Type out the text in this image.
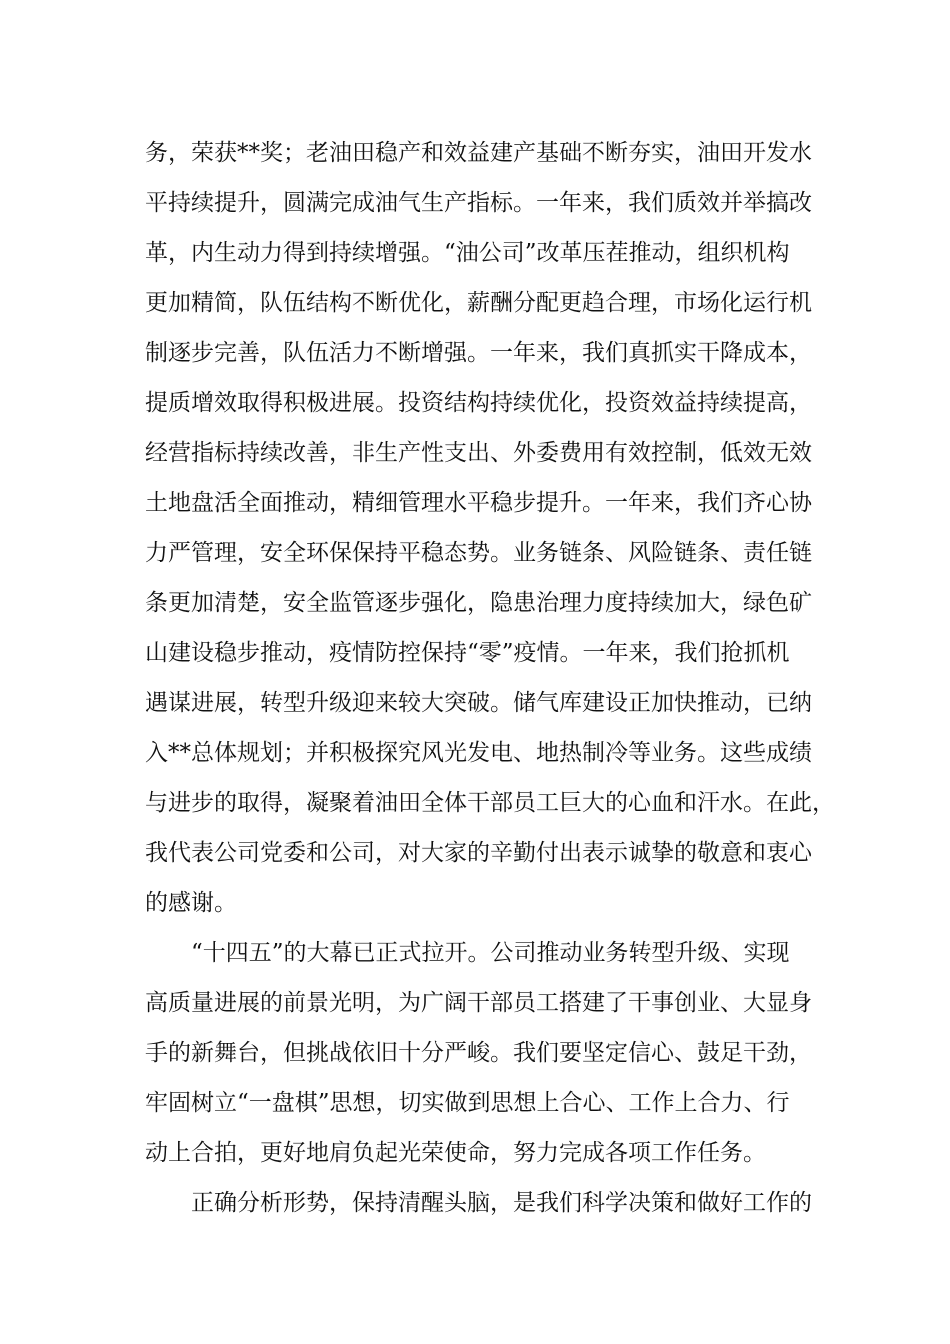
务，荣获**奖；老油田稳产和效益建产基础不断夯实，油田开发水
平持续提升，圆满完成油气生产指标。一年来，我们质效并举搞改
革，内生动力得到持续增强。“油公司”改革压茬推动，组织机构
更加精简，队伍结构不断优化，薪酬分配更趋合理，市场化运行机
制逐步完善，队伍活力不断增强。一年来，我们真抓实干降成本，
提质增效取得积极进展。投资结构持续优化，投资效益持续提高，
经营指标持续改善，非生产性支出、外委费用有效控制，低效无效
土地盘活全面推动，精细管理水平稳步提升。一年来，我们齐心协
力严管理，安全环保保持平稳态势。业务链条、风险链条、责任链
条更加清楚，安全监管逐步强化，隐患治理力度持续加大，绿色矿
山建设稳步推动，疫情防控保持“零”疫情。一年来，我们抢抓机
遇谋进展，转型升级迎来较大突破。储气库建设正加快推动，已纳
入**总体规划；并积极探究风光发电、地热制冷等业务。这些成绩
与进步的取得，凝聚着油田全体干部员工巨大的心血和汗水。在此，
我代表公司党委和公司，对大家的辛勤付出表示诚挚的敬意和衷心
的感谢。
　　“十四五”的大幕已正式拉开。公司推动业务转型升级、实现
高质量进展的前景光明，为广阔干部员工搭建了干事创业、大显身
手的新舞台，但挑战依旧十分严峻。我们要坚定信心、鼓足干劲，
牢固树立“一盘棋”思想，切实做到思想上合心、工作上合力、行
动上合拍，更好地肩负起光荣使命，努力完成各项工作任务。
　　正确分析形势，保持清醒头脑，是我们科学决策和做好工作的
